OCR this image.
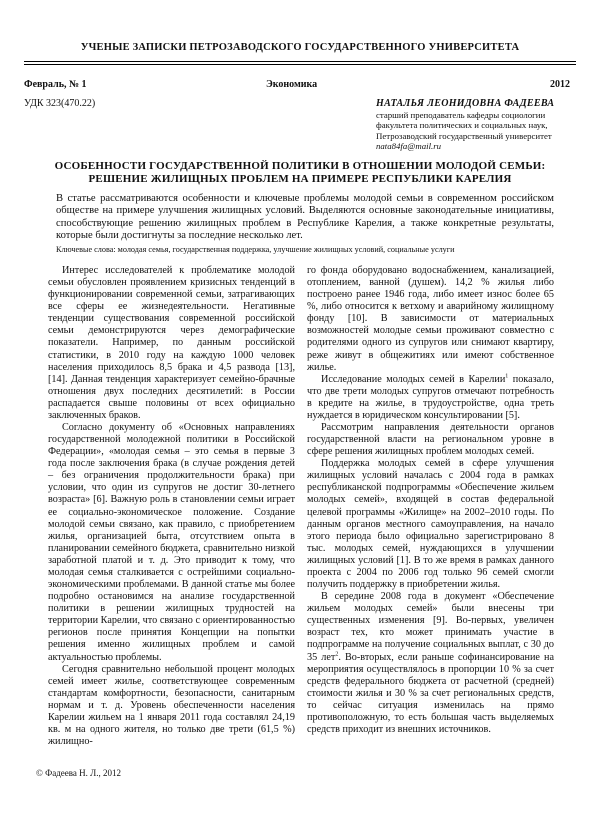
УЧЕНЫЕ ЗАПИСКИ ПЕТРОЗАВОДСКОГО ГОСУДАРСТВЕННОГО УНИВЕРСИТЕТА
Февраль, № 1	Экономика	2012
УДК 323(470.22)	НАТАЛЬЯ ЛЕОНИДОВНА ФАДЕЕВА
старший преподаватель кафедры социологии факультета политических и социальных наук, Петрозаводский государственный университет
nata84fa@mail.ru
ОСОБЕННОСТИ ГОСУДАРСТВЕННОЙ ПОЛИТИКИ В ОТНОШЕНИИ МОЛОДОЙ СЕМЬИ:
РЕШЕНИЕ ЖИЛИЩНЫХ ПРОБЛЕМ НА ПРИМЕРЕ РЕСПУБЛИКИ КАРЕЛИЯ
В статье рассматриваются особенности и ключевые проблемы молодой семьи в современном российском обществе на примере улучшения жилищных условий. Выделяются основные законодательные инициативы, способствующие решению жилищных проблем в Республике Карелия, а также конкретные результаты, которые были достигнуты за последние несколько лет.
Ключевые слова: молодая семья, государственная поддержка, улучшение жилищных условий, социальные услуги

Интерес исследователей к проблематике молодой семьи обусловлен проявлением кризисных тенденций в функционировании современной семьи, затрагивающих все сферы ее жизнедеятельности. Негативные тенденции существования современной российской семьи демонстрируются через демографические показатели. Например, по данным российской статистики, в 2010 году на каждую 1000 человек населения приходилось 8,5 брака и 4,5 развода [13], [14]. Данная тенденция характеризует семейно-брачные отношения двух последних десятилетий: в России распадается свыше половины от всех официально заключенных браков.

Согласно документу об «Основных направлениях государственной молодежной политики в Российской Федерации», «молодая семья – это семья в первые 3 года после заключения брака (в случае рождения детей – без ограничения продолжительности брака) при условии, что один из супругов не достиг 30-летнего возраста» [6]. Важную роль в становлении семьи играет ее социально-экономическое положение. Создание молодой семьи связано, как правило, с приобретением жилья, организацией быта, отсутствием опыта в планировании семейного бюджета, сравнительно низкой заработной платой и т. д. Это приводит к тому, что молодая семья сталкивается с острейшими социально-экономическими проблемами. В данной статье мы более подробно остановимся на анализе государственной политики в решении жилищных трудностей на территории Карелии, что связано с ориентированностью регионов после принятия Концепции на попытки решения именно жилищных проблем и самой актуальностью проблемы.

Сегодня сравнительно небольшой процент молодых семей имеет жилье, соответствующее современным стандартам комфортности, безопасности, санитарным нормам и т. д. Уровень обеспеченности населения Карелии жильем на 1 января 2011 года составлял 24,19 кв. м на одного жителя, но только две трети (61,5 %) жилищно-

го фонда оборудовано водоснабжением, канализацией, отоплением, ванной (душем). 14,2 % жилья либо построено ранее 1946 года, либо имеет износ более 65 %, либо относится к ветхому и аварийному жилищному фонду [10]. В зависимости от материальных возможностей молодые семьи проживают совместно с родителями одного из супругов или снимают квартиру, реже живут в общежитиях или имеют собственное жилье.

Исследование молодых семей в Карелии$^1$ показало, что две трети молодых супругов отмечают потребность в кредите на жилье, в трудоустройстве, одна треть нуждается в юридическом консультировании [5].

Рассмотрим направления деятельности органов государственной власти на региональном уровне в сфере решения жилищных проблем молодых семей.

Поддержка молодых семей в сфере улучшения жилищных условий началась с 2004 года в рамках республиканской подпрограммы «Обеспечение жильем молодых семей», входящей в состав федеральной целевой программы «Жилище» на 2002–2010 годы. По данным органов местного самоуправления, на начало этого периода было официально зарегистрировано 8 тыс. молодых семей, нуждающихся в улучшении жилищных условий [1]. В то же время в рамках данного проекта с 2004 по 2006 год только 96 семей смогли получить поддержку в приобретении жилья.

В середине 2008 года в документ «Обеспечение жильем молодых семей» были внесены три существенных изменения [9]. Во-первых, увеличен возраст тех, кто может принимать участие в подпрограмме на получение социальных выплат, с 30 до 35 лет$^2$. Во-вторых, если раньше софинансирование на мероприятия осуществлялось в пропорции 10 % за счет средств федерального бюджета от расчетной (средней) стоимости жилья и 30 % за счет региональных средств, то сейчас ситуация изменилась на прямо противоположную, то есть большая часть выделяемых средств приходит из внешних источников.

© Фадеева Н. Л., 2012
